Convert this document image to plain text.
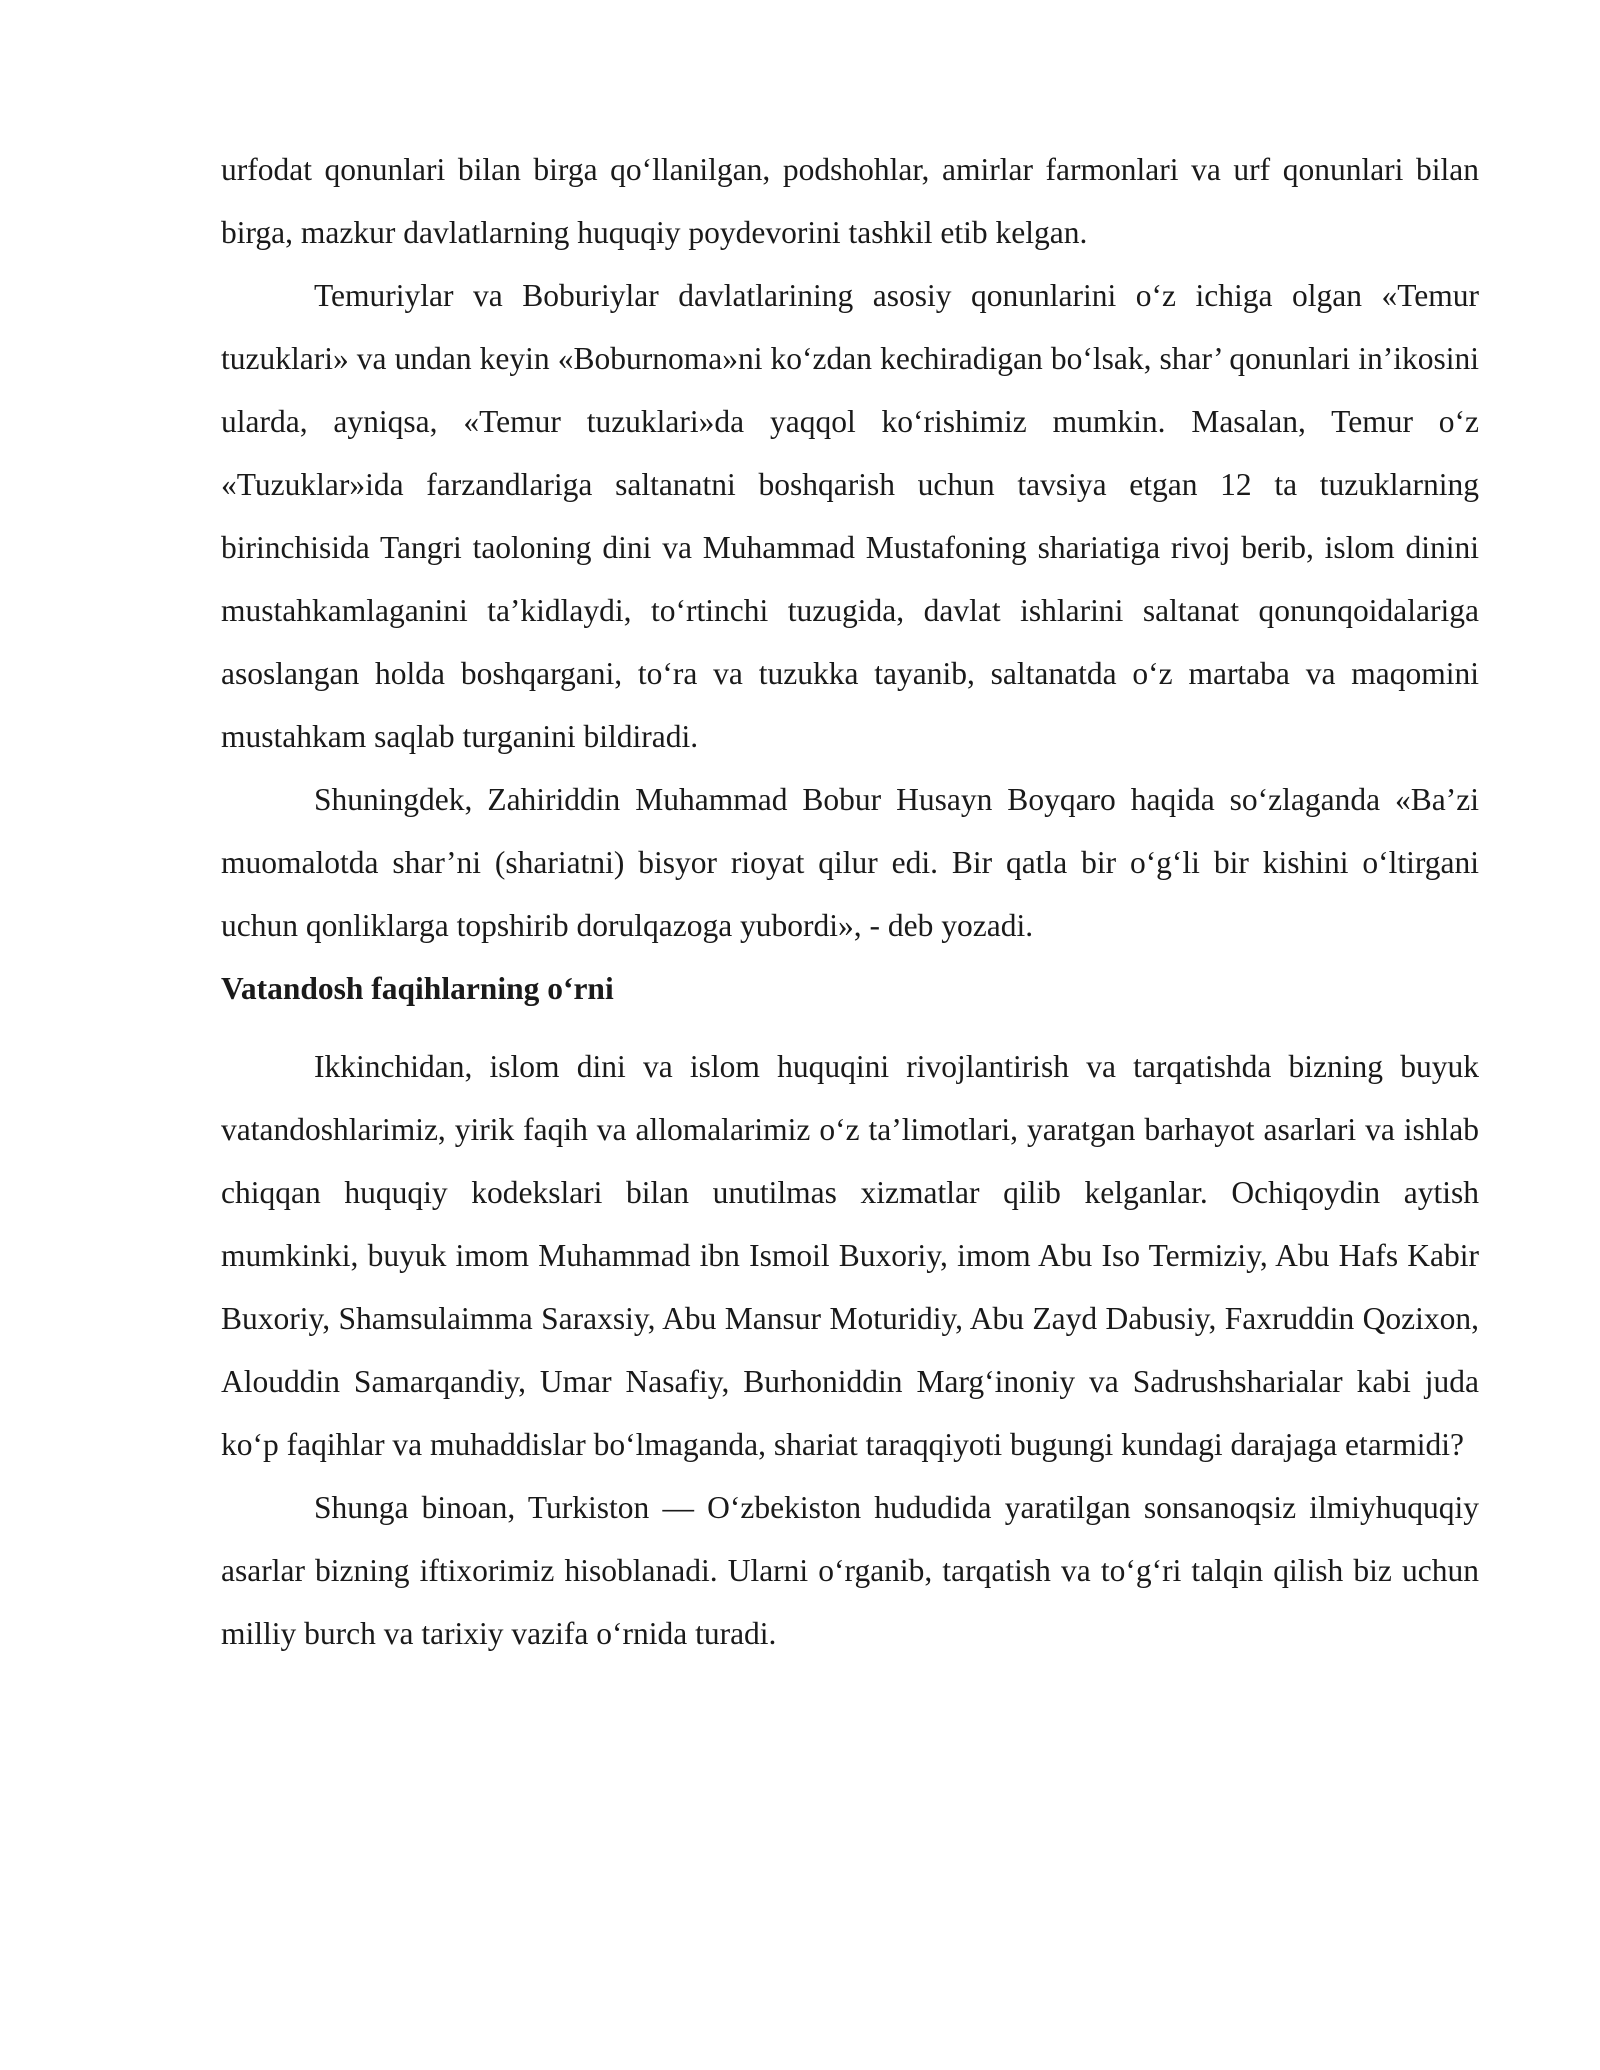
urfodat qonunlari bilan birga qo‘llanilgan, podshohlar, amirlar farmonlari va urf qonunlari bilan birga, mazkur davlatlarning huquqiy poydevorini tashkil etib kelgan.

Temuriylar va Boburiylar davlatlarining asosiy qonunlarini o‘z ichiga olgan «Temur tuzuklari» va undan keyin «Boburnoma»ni ko‘zdan kechiradigan bo‘lsak, shar’ qonunlari in’ikosini ularda, ayniqsa, «Temur tuzuklari»da yaqqol ko‘rishimiz mumkin. Masalan, Temur o‘z «Tuzuklar»ida farzandlariga saltanatni boshqarish uchun tavsiya etgan 12 ta tuzuklarning birinchisida Tangri taoloning dini va Muhammad Mustafoning shariatiga rivoj berib, islom dinini mustahkamlaganini ta’kidlaydi, to‘rtinchi tuzugida, davlat ishlarini saltanat qonunqoidalariga asoslangan holda boshqargani, to‘ra va tuzukka tayanib, saltanatda o‘z martaba va maqomini mustahkam saqlab turganini bildiradi.

Shuningdek, Zahiriddin Muhammad Bobur Husayn Boyqaro haqida so‘zlaganda «Ba’zi muomalotda shar’ni (shariatni) bisyor rioyat qilur edi. Bir qatla bir o‘g‘li bir kishini o‘ltirgani uchun qonliklarga topshirib dorulqazoga yubordi», - deb yozadi.

Vatandosh faqihlarning o‘rni

Ikkinchidan, islom dini va islom huquqini rivojlantirish va tarqatishda bizning buyuk vatandoshlarimiz, yirik faqih va allomalarimiz o‘z ta’limotlari, yaratgan barhayot asarlari va ishlab chiqqan huquqiy kodekslari bilan unutilmas xizmatlar qilib kelganlar. Ochiqoydin aytish mumkinki, buyuk imom Muhammad ibn Ismoil Buxoriy, imom Abu Iso Termiziy, Abu Hafs Kabir Buxoriy, Shamsulaimma Saraxsiy, Abu Mansur Moturidiy, Abu Zayd Dabusiy, Faxruddin Qozixon, Alouddin Samarqandiy, Umar Nasafiy, Burhoniddin Marg‘inoniy va Sadrushsharialar kabi juda ko‘p faqihlar va muhaddislar bo‘lmaganda, shariat taraqqiyoti bugungi kundagi darajaga etarmidi?

Shunga binoan, Turkiston — O‘zbekiston hududida yaratilgan sonsanoqsiz ilmiyhuquqiy asarlar bizning iftixorimiz hisoblanadi. Ularni o‘rganib, tarqatish va to‘g‘ri talqin qilish biz uchun milliy burch va tarixiy vazifa o‘rnida turadi.
